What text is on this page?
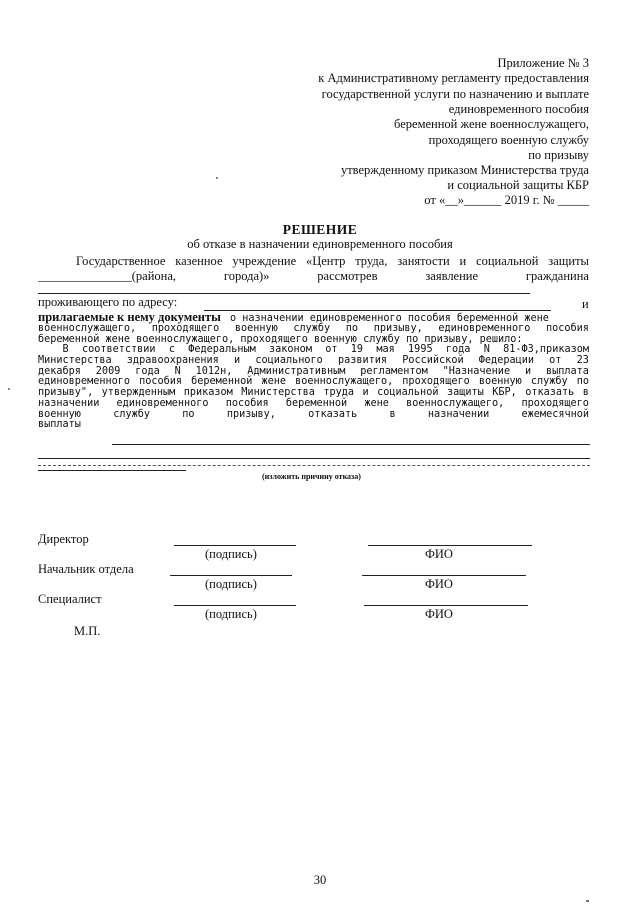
Приложение № 3
к Административному регламенту предоставления
государственной услуги по назначению и выплате
единовременного пособия
беременной жене военнослужащего,
проходящего военную службу
по призыву
утвержденному приказом Министерства труда
и социальной защиты КБР
от «__»______ 2019 г. № _____
РЕШЕНИЕ
об отказе в назначении единовременного пособия
Государственное казенное учреждение «Центр труда, занятости и социальной защиты
_______________(района,	города)»	рассмотрев	заявление	гражданина
проживающего по адресу:	и
прилагаемые к нему документы о назначении единовременного пособия беременной жене
военнослужащего, проходящего военную службу по призыву, единовременного пособия
беременной жене военнослужащего, проходящего военную службу по призыву, решило:
В соответствии с Федеральным законом от 19 мая 1995 года N 81-ФЗ,приказом
Министерства здравоохранения и социального развития Российской Федерации от 23
декабря 2009 года N 1012н, Административным регламентом "Назначение и выплата
единовременного пособия беременной жене военнослужащего, проходящего военную службу по
призыву", утвержденным приказом Министерства труда и социальной защиты КБР, отказать в
назначении единовременного пособия беременной жене военнослужащего, проходящего
военную	службу	по	призыву,	отказать	в	назначении	ежемесячной
выплаты
(изложить причину отказа)
Директор
(подпись)	ФИО
Начальник отдела
(подпись)	ФИО
Специалист
(подпись)	ФИО
М.П.
30
